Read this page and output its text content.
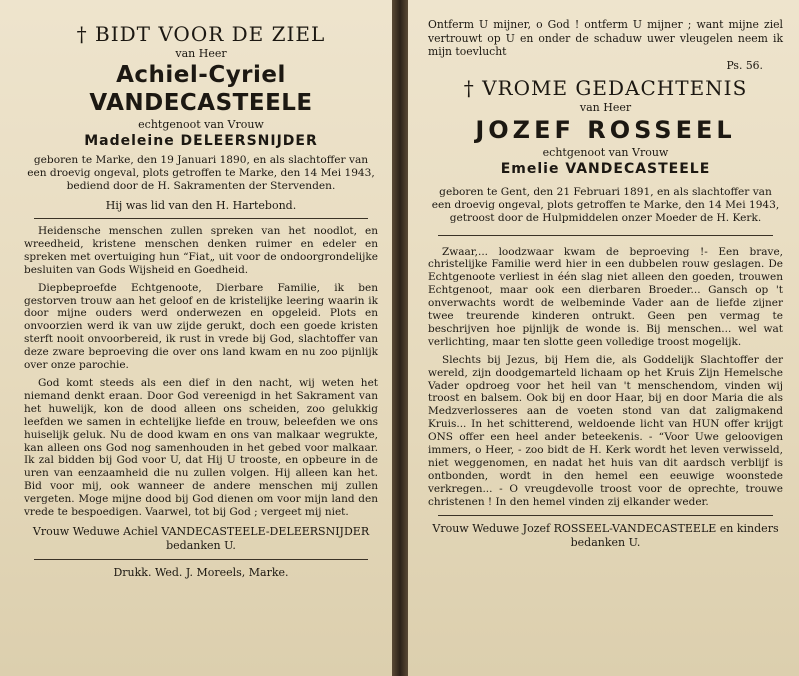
† BIDT VOOR DE ZIEL
van Heer
Achiel-Cyriel VANDECASTEELE
echtgenoot van Vrouw
Madeleine DELEERSNIJDER
geboren te Marke, den 19 Januari 1890, en als slachtoffer van een droevig ongeval, plots getroffen te Marke, den 14 Mei 1943, bediend door de H. Sakramenten der Stervenden.
Hij was lid van den H. Hartebond.

Heidensche menschen zullen spreken van het noodlot, en wreedheid, kristene menschen denken ruimer en edeler en spreken met overtuiging hun “Fiat„ uit voor de ondoorgrondelijke besluiten van Gods Wijsheid en Goedheid.

Diepbeproefde Echtgenoote, Dierbare Familie, ik ben gestorven trouw aan het geloof en de kristelijke leering waarin ik door mijne ouders werd onderwezen en opgeleid. Plots en onvoorzien werd ik van uw zijde gerukt, doch een goede kristen sterft nooit onvoorbereid, ik rust in vrede bij God, slachtoffer van deze zware beproeving die over ons land kwam en nu zoo pijnlijk over onze parochie.

God komt steeds als een dief in den nacht, wij weten het niemand denkt eraan. Door God vereenigd in het Sakrament van het huwelijk, kon de dood alleen ons scheiden, zoo gelukkig leefden we samen in echtelijke liefde en trouw, beleefden we ons huiselijk geluk. Nu de dood kwam en ons van malkaar wegrukte, kan alleen ons God nog samenhouden in het gebed voor malkaar. Ik zal bidden bij God voor U, dat Hij U trooste, en opbeure in de uren van eenzaamheid die nu zullen volgen. Hij alleen kan het. Bid voor mij, ook wanneer de andere menschen mij zullen vergeten. Moge mijne dood bij God dienen om voor mijn land den vrede te bespoedigen. Vaarwel, tot bij God ; vergeet mij niet.

Vrouw Weduwe Achiel VANDECASTEELE-DELEERSNIJDER bedanken U.
Drukk. Wed. J. Moreels, Marke.
Ontferm U mijner, o God ! ontferm U mijner ; want mijne ziel vertrouwt op U en onder de schaduw uwer vleugelen neem ik mijn toevlucht
Ps. 56.
† VROME GEDACHTENIS
van Heer
JOZEF ROSSEEL
echtgenoot van Vrouw
Emelie VANDECASTEELE
geboren te Gent, den 21 Februari 1891, en als slachtoffer van een droevig ongeval, plots getroffen te Marke, den 14 Mei 1943, getroost door de Hulpmiddelen onzer Moeder de H. Kerk.

Zwaar,... loodzwaar kwam de beproeving !- Een brave, christelijke Familie werd hier in een dubbelen rouw geslagen. De Echtgenoote verliest in één slag niet alleen den goeden, trouwen Echtgenoot, maar ook een dierbaren Broeder... Gansch op 't onverwachts wordt de welbeminde Vader aan de liefde zijner twee treurende kinderen ontrukt. Geen pen vermag te beschrijven hoe pijnlijk de wonde is. Bij menschen... wel wat verlichting, maar ten slotte geen volledige troost mogelijk.

Slechts bij Jezus, bij Hem die, als Goddelijk Slachtoffer der wereld, zijn doodgemarteld lichaam op het Kruis Zijn Hemelsche Vader opdroeg voor het heil van 't menschendom, vinden wij troost en balsem. Ook bij en door Haar, bij en door Maria die als Medzverlosseres aan de voeten stond van dat zaligmakend Kruis... In het schitterend, weldoende licht van HUN offer krijgt ONS offer een heel ander beteekenis. - “Voor Uwe geloovigen immers, o Heer, - zoo bidt de H. Kerk wordt het leven verwisseld, niet weggenomen, en nadat het huis van dit aardsch verblijf is ontbonden, wordt in den hemel een eeuwige woonstede verkregen... - O vreugdevolle troost voor de oprechte, trouwe christenen ! In den hemel vinden zij elkander weder.

Vrouw Weduwe Jozef ROSSEEL-VANDECASTEELE en kinders bedanken U.
